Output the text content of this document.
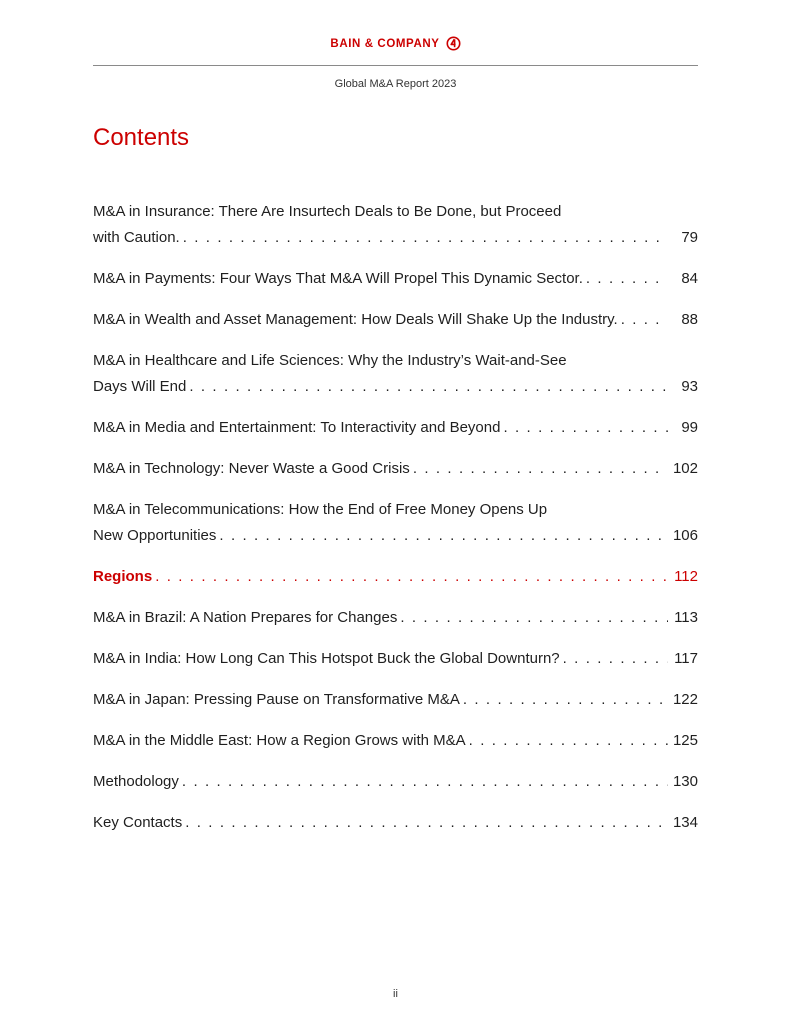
BAIN & COMPANY
Global M&A Report 2023
Contents
M&A in Insurance: There Are Insurtech Deals to Be Done, but Proceed
with Caution. . . .	79
M&A in Payments: Four Ways That M&A Will Propel This Dynamic Sector. . . .	84
M&A in Wealth and Asset Management: How Deals Will Shake Up the Industry. . . .	88
M&A in Healthcare and Life Sciences: Why the Industry’s Wait-and-See
Days Will End . . .	93
M&A in Media and Entertainment: To Interactivity and Beyond . . .	99
M&A in Technology: Never Waste a Good Crisis . . .	102
M&A in Telecommunications: How the End of Free Money Opens Up
New Opportunities . . .	106
Regions . . .	112
M&A in Brazil: A Nation Prepares for Changes . . .	113
M&A in India: How Long Can This Hotspot Buck the Global Downturn? . . .	117
M&A in Japan: Pressing Pause on Transformative M&A . . .	122
M&A in the Middle East: How a Region Grows with M&A . . .	125
Methodology . . .	130
Key Contacts . . .	134
ii
